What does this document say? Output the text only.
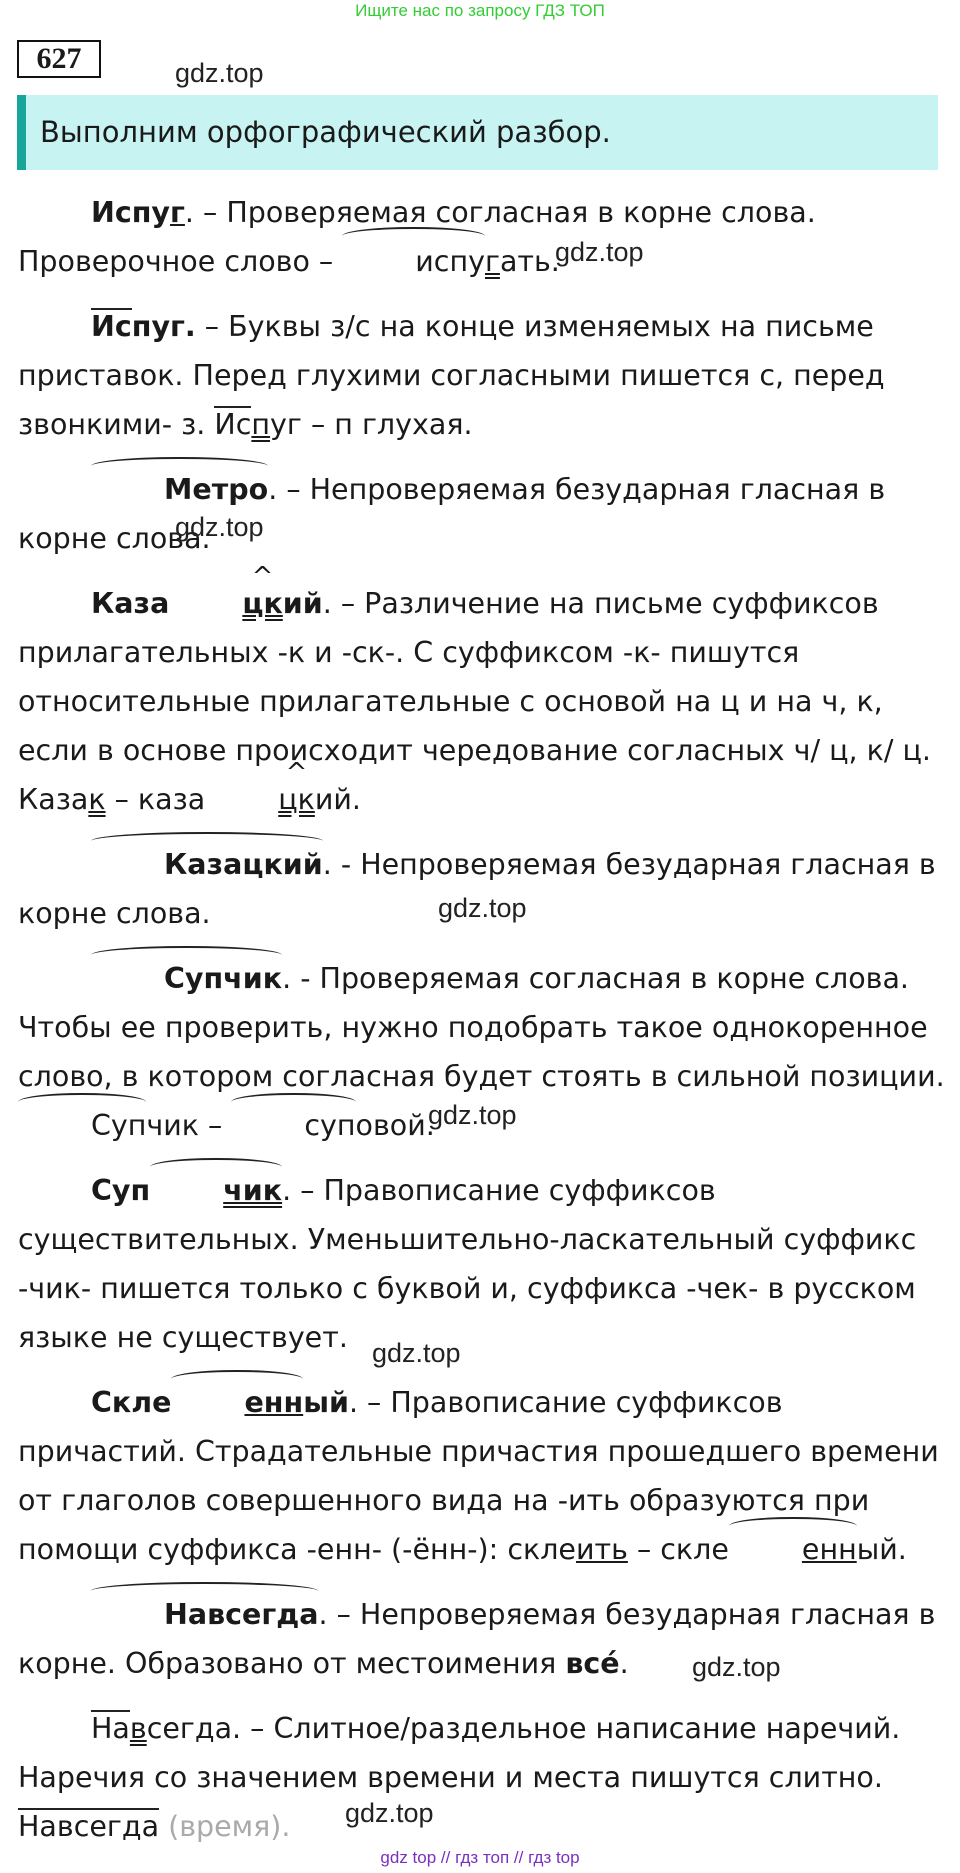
Ищите нас по запросу ГДЗ ТОП
627	gdz.top
Выполним орфографический разбор.

Испуг. – Проверяемая согласная в корне слова. Проверочное слово –	испугать.

Испуг. – Буквы з/с на конце изменяемых на письме приставок. Перед глухими согласными пишется с, перед звонкими- з. Испуг – п глухая.

Метро. – Непроверяемая безударная гласная в корне слова.

Каза	^ цкий. – Различение на письме суффиксов прилагательных -к и -ск-. С суффиксом -к- пишутся относительные прилагательные с основой на ц и на ч, к, если в основе происходит чередование согласных ч/ ц, к/ ц. Казак – каза	^ цкий.

Казацкий. - Непроверяемая безударная гласная в корне слова.

Супчик. - Проверяемая согласная в корне слова. Чтобы ее проверить, нужно подобрать такое однокоренное слово, в котором согласная будет стоять в сильной позиции. Супчик –	суповой.

Суп	чик. – Правописание суффиксов существительных. Уменьшительно-ласкательный суффикс -чик- пишется только с буквой и, суффикса -чек- в русском языке не существует.

Скле	енный. – Правописание суффиксов причастий. Страдательные причастия прошедшего времени от глаголов совершенного вида на -ить образуются при помощи суффикса -енн- (-ённ-): склеить – скле	енный.

Навсегда. – Непроверяемая безударная гласная в корне. Образовано от местоимения всé.

Навсегда. – Слитное/раздельное написание наречий. Наречия со значением времени и места пишутся слитно. Навсегда (время).

gdz.top
gdz.top
gdz.top
gdz.top
gdz.top
gdz.top
gdz.top
gdz top // гдз топ // гдз top
